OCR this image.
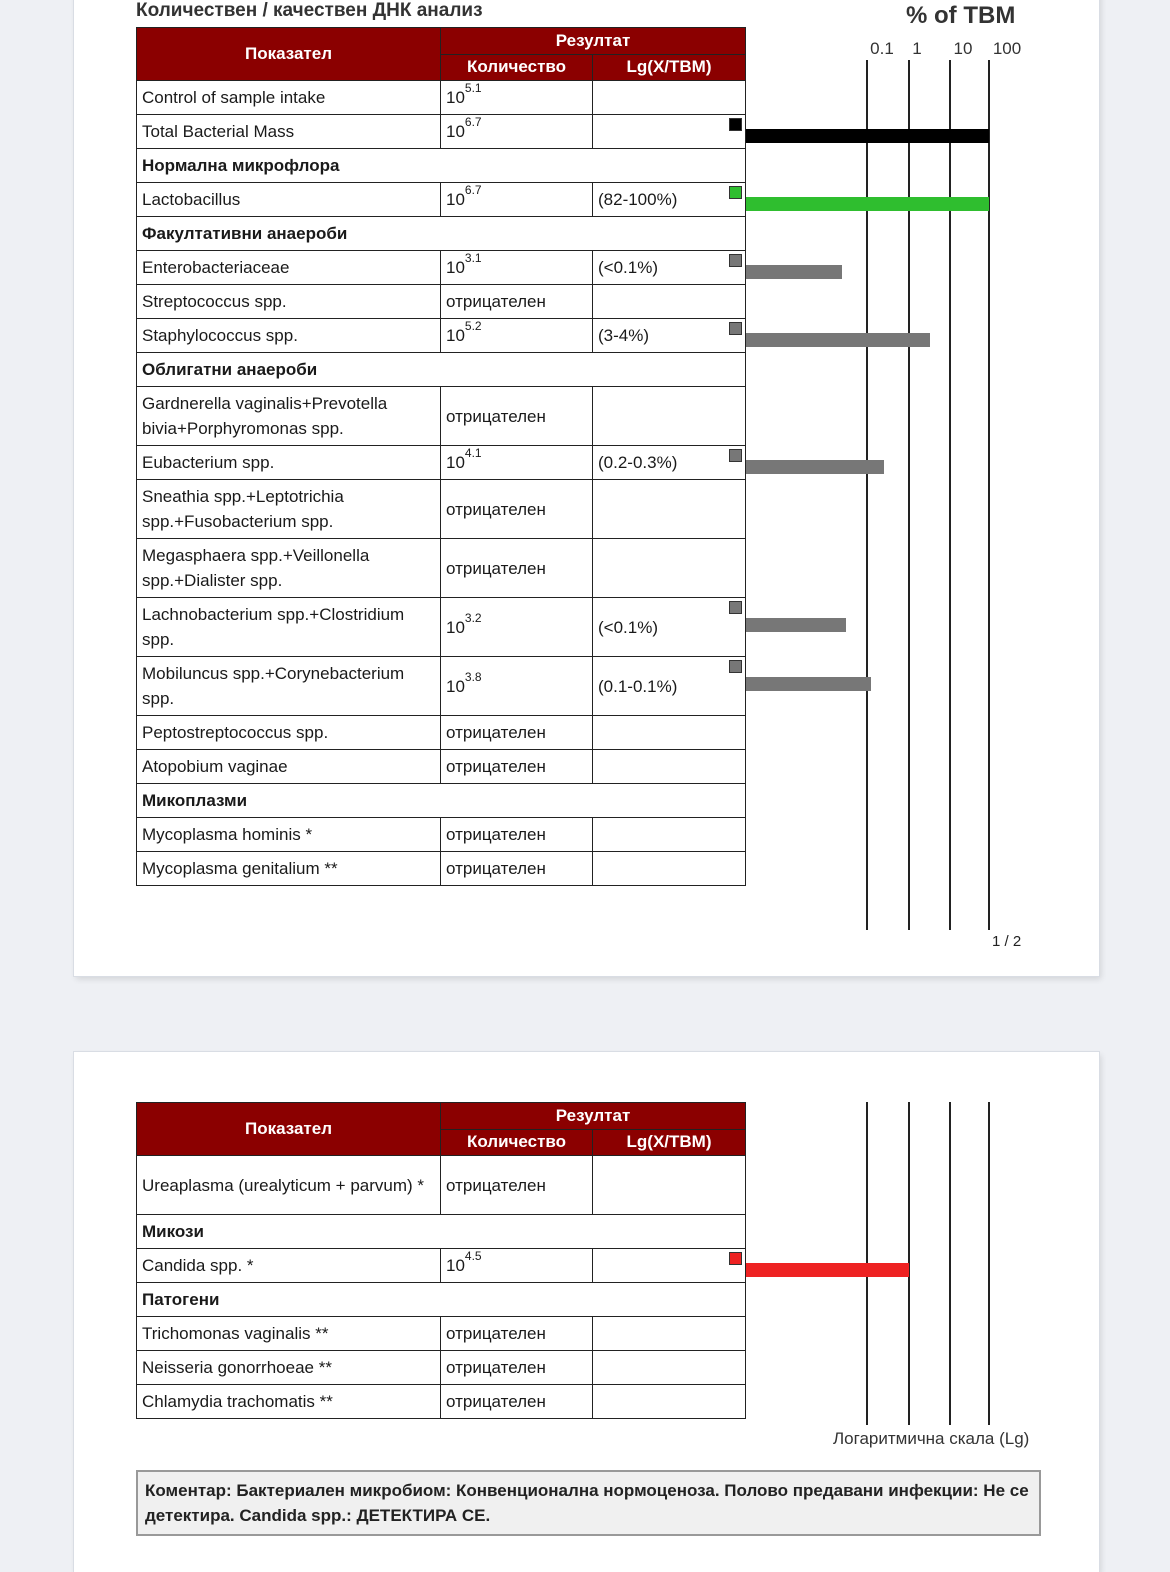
Количествен / качествен ДНК анализ	% of TBM
0.1 1 10 100
Показател	Резултат	
	Количество	Lg(X/TBM)
Control of sample intake	$10^{5.1}$	
Total Bacterial Mass	$10^{6.7}$	

Нормална микрофлора		
Lactobacillus	$10^{6.7}$	(82-100%)

Факултативни анаероби		
Enterobacteriaceae	$10^{3.1}$	(<0.1%)

Streptococcus spp.	отрицателен	
Staphylococcus spp.	$10^{5.2}$	(3-4%)

Облигатни анаероби		
Gardnerella vaginalis+Prevotella bivia+Porphyromonas spp.	отрицателен	
Eubacterium spp.	$10^{4.1}$	(0.2-0.3%)

Sneathia spp.+Leptotrichia spp.+Fusobacterium spp.	отрицателен	
Megasphaera spp.+Veillonella spp.+Dialister spp.	отрицателен	
Lachnobacterium spp.+Clostridium spp.	$10^{3.2}$	(<0.1%)

Mobiluncus spp.+Corynebacterium spp.	$10^{3.8}$	(0.1-0.1%)

Peptostreptococcus spp.	отрицателен	
Atopobium vaginae	отрицателен	
Микоплазми		
Mycoplasma hominis *	отрицателен	
Mycoplasma genitalium **	отрицателен	
1 / 2
Показател	Резултат	
	Количество	Lg(X/TBM)
Ureaplasma (urealyticum + parvum) *	отрицателен	
Микози		
Candida spp. *	$10^{4.5}$	

Патогени		
Trichomonas vaginalis **	отрицателен	
Neisseria gonorrhoeae **	отрицателен	
Chlamydia trachomatis **	отрицателен	
Логаритмична скала (Lg)
Коментар: Бактериален микробиом: Конвенционална нормоценоза. Полово предавани инфекции: Не се детектира. Candida spp.: ДЕТЕКТИРА СЕ.
